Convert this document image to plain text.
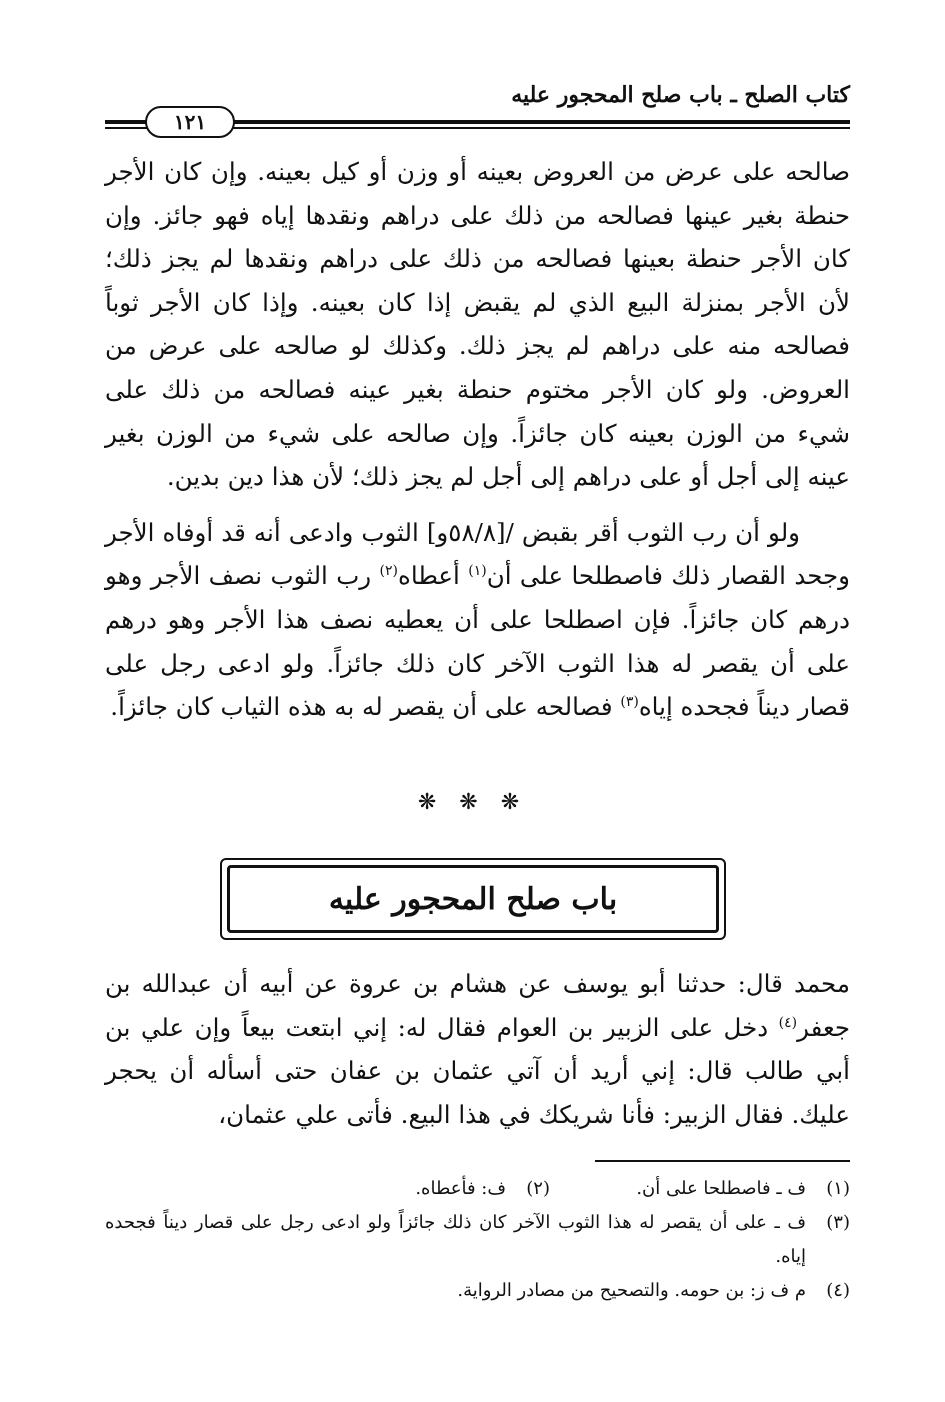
كتاب الصلح ـ باب صلح المحجور عليه
١٢١

صالحه على عرض من العروض بعينه أو وزن أو كيل بعينه. وإن كان الأجر حنطة بغير عينها فصالحه من ذلك على دراهم ونقدها إياه فهو جائز. وإن كان الأجر حنطة بعينها فصالحه من ذلك على دراهم ونقدها لم يجز ذلك؛ لأن الأجر بمنزلة البيع الذي لم يقبض إذا كان بعينه. وإذا كان الأجر ثوباً فصالحه منه على دراهم لم يجز ذلك. وكذلك لو صالحه على عرض من العروض. ولو كان الأجر مختوم حنطة بغير عينه فصالحه من ذلك على شيء من الوزن بعينه كان جائزاً. وإن صالحه على شيء من الوزن بغير عينه إلى أجل أو على دراهم إلى أجل لم يجز ذلك؛ لأن هذا دين بدين.

ولو أن رب الثوب أقر بقبض /[٥٨/٨و] الثوب وادعى أنه قد أوفاه الأجر وجحد القصار ذلك فاصطلحا على أن$^{(١)}$ أعطاه$^{(٢)}$ رب الثوب نصف الأجر وهو درهم كان جائزاً. فإن اصطلحا على أن يعطيه نصف هذا الأجر وهو درهم على أن يقصر له هذا الثوب الآخر كان ذلك جائزاً. ولو ادعى رجل على قصار ديناً فجحده إياه$^{(٣)}$ فصالحه على أن يقصر له به هذه الثياب كان جائزاً.

❋ ❋ ❋
باب صلح المحجور عليه

محمد قال: حدثنا أبو يوسف عن هشام بن عروة عن أبيه أن عبدالله بن جعفر$^{(٤)}$ دخل على الزبير بن العوام فقال له: إني ابتعت بيعاً وإن علي بن أبي طالب قال: إني أريد أن آتي عثمان بن عفان حتى أسأله أن يحجر عليك. فقال الزبير: فأنا شريكك في هذا البيع. فأتى علي عثمان،

(١)
ف ـ فاصطلحا على أن.
(٢)
ف: فأعطاه.
(٣)
ف ـ على أن يقصر له هذا الثوب الآخر كان ذلك جائزاً ولو ادعى رجل على قصار ديناً فجحده إياه.
(٤)
م ف ز: بن حومه. والتصحيح من مصادر الرواية.
